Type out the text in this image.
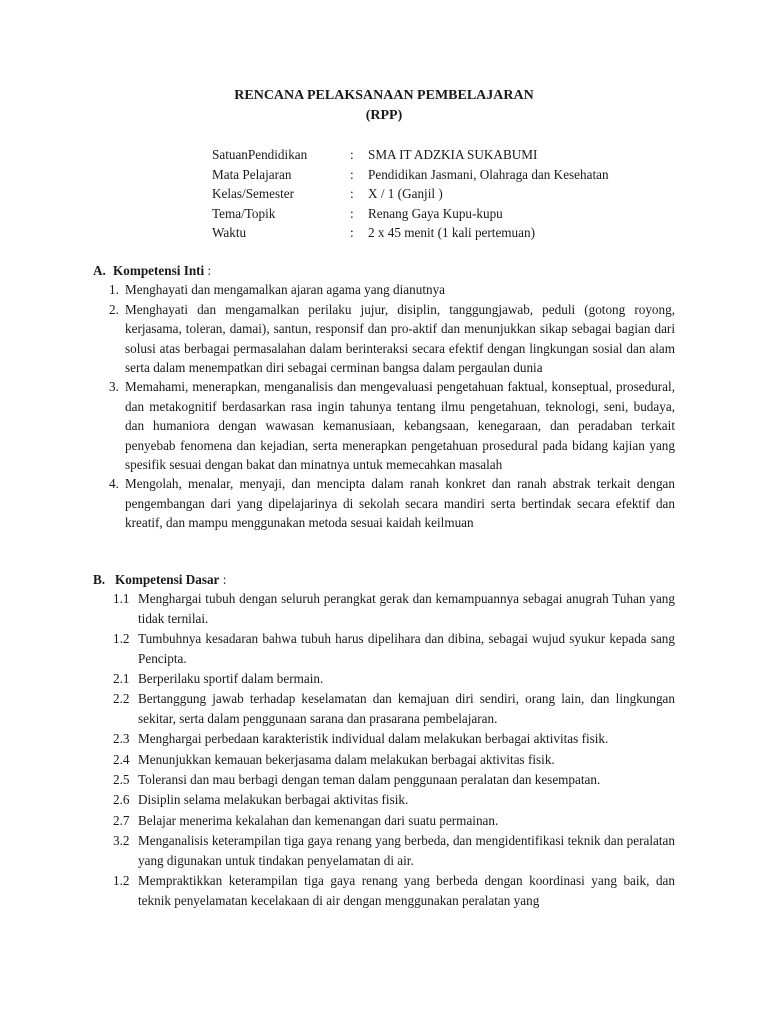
RENCANA PELAKSANAAN PEMBELAJARAN
(RPP)
SatuanPendidikan	:	SMA IT ADZKIA SUKABUMI
Mata Pelajaran	:	Pendidikan Jasmani, Olahraga dan Kesehatan
Kelas/Semester	:	X / 1 (Ganjil )
Tema/Topik	:	Renang Gaya Kupu-kupu
Waktu	:	2 x 45 menit (1 kali pertemuan)
A. Kompetensi Inti :
1. Menghayati dan mengamalkan ajaran agama yang dianutnya
2. Menghayati dan mengamalkan perilaku jujur, disiplin, tanggungjawab, peduli (gotong royong, kerjasama, toleran, damai), santun, responsif dan pro-aktif dan menunjukkan sikap sebagai bagian dari solusi atas berbagai permasalahan dalam berinteraksi secara efektif dengan lingkungan sosial dan alam serta dalam menempatkan diri sebagai cerminan bangsa dalam pergaulan dunia
3. Memahami, menerapkan, menganalisis dan mengevaluasi pengetahuan faktual, konseptual, prosedural, dan metakognitif berdasarkan rasa ingin tahunya tentang ilmu pengetahuan, teknologi, seni, budaya, dan humaniora dengan wawasan kemanusiaan, kebangsaan, kenegaraan, dan peradaban terkait penyebab fenomena dan kejadian, serta menerapkan pengetahuan prosedural pada bidang kajian yang spesifik sesuai dengan bakat dan minatnya untuk memecahkan masalah
4. Mengolah, menalar, menyaji, dan mencipta dalam ranah konkret dan ranah abstrak terkait dengan pengembangan dari yang dipelajarinya di sekolah secara mandiri serta bertindak secara efektif dan kreatif, dan mampu menggunakan metoda sesuai kaidah keilmuan
B. Kompetensi Dasar :
1.1 Menghargai tubuh dengan seluruh perangkat gerak dan kemampuannya sebagai anugrah Tuhan yang tidak ternilai.
1.2 Tumbuhnya kesadaran bahwa tubuh harus dipelihara dan dibina, sebagai wujud syukur kepada sang Pencipta.
2.1 Berperilaku sportif dalam bermain.
2.2 Bertanggung jawab terhadap keselamatan dan kemajuan diri sendiri, orang lain, dan lingkungan sekitar, serta dalam penggunaan sarana dan prasarana pembelajaran.
2.3 Menghargai perbedaan karakteristik individual dalam melakukan berbagai aktivitas fisik.
2.4 Menunjukkan kemauan bekerjasama dalam melakukan berbagai aktivitas fisik.
2.5 Toleransi dan mau berbagi dengan teman dalam penggunaan peralatan dan kesempatan.
2.6 Disiplin selama melakukan berbagai aktivitas fisik.
2.7 Belajar menerima kekalahan dan kemenangan dari suatu permainan.
3.2 Menganalisis keterampilan tiga gaya renang yang berbeda, dan mengidentifikasi teknik dan peralatan yang digunakan untuk tindakan penyelamatan di air.
1.2 Mempraktikkan keterampilan tiga gaya renang yang berbeda dengan koordinasi yang baik, dan teknik penyelamatan kecelakaan di air dengan menggunakan peralatan yang
